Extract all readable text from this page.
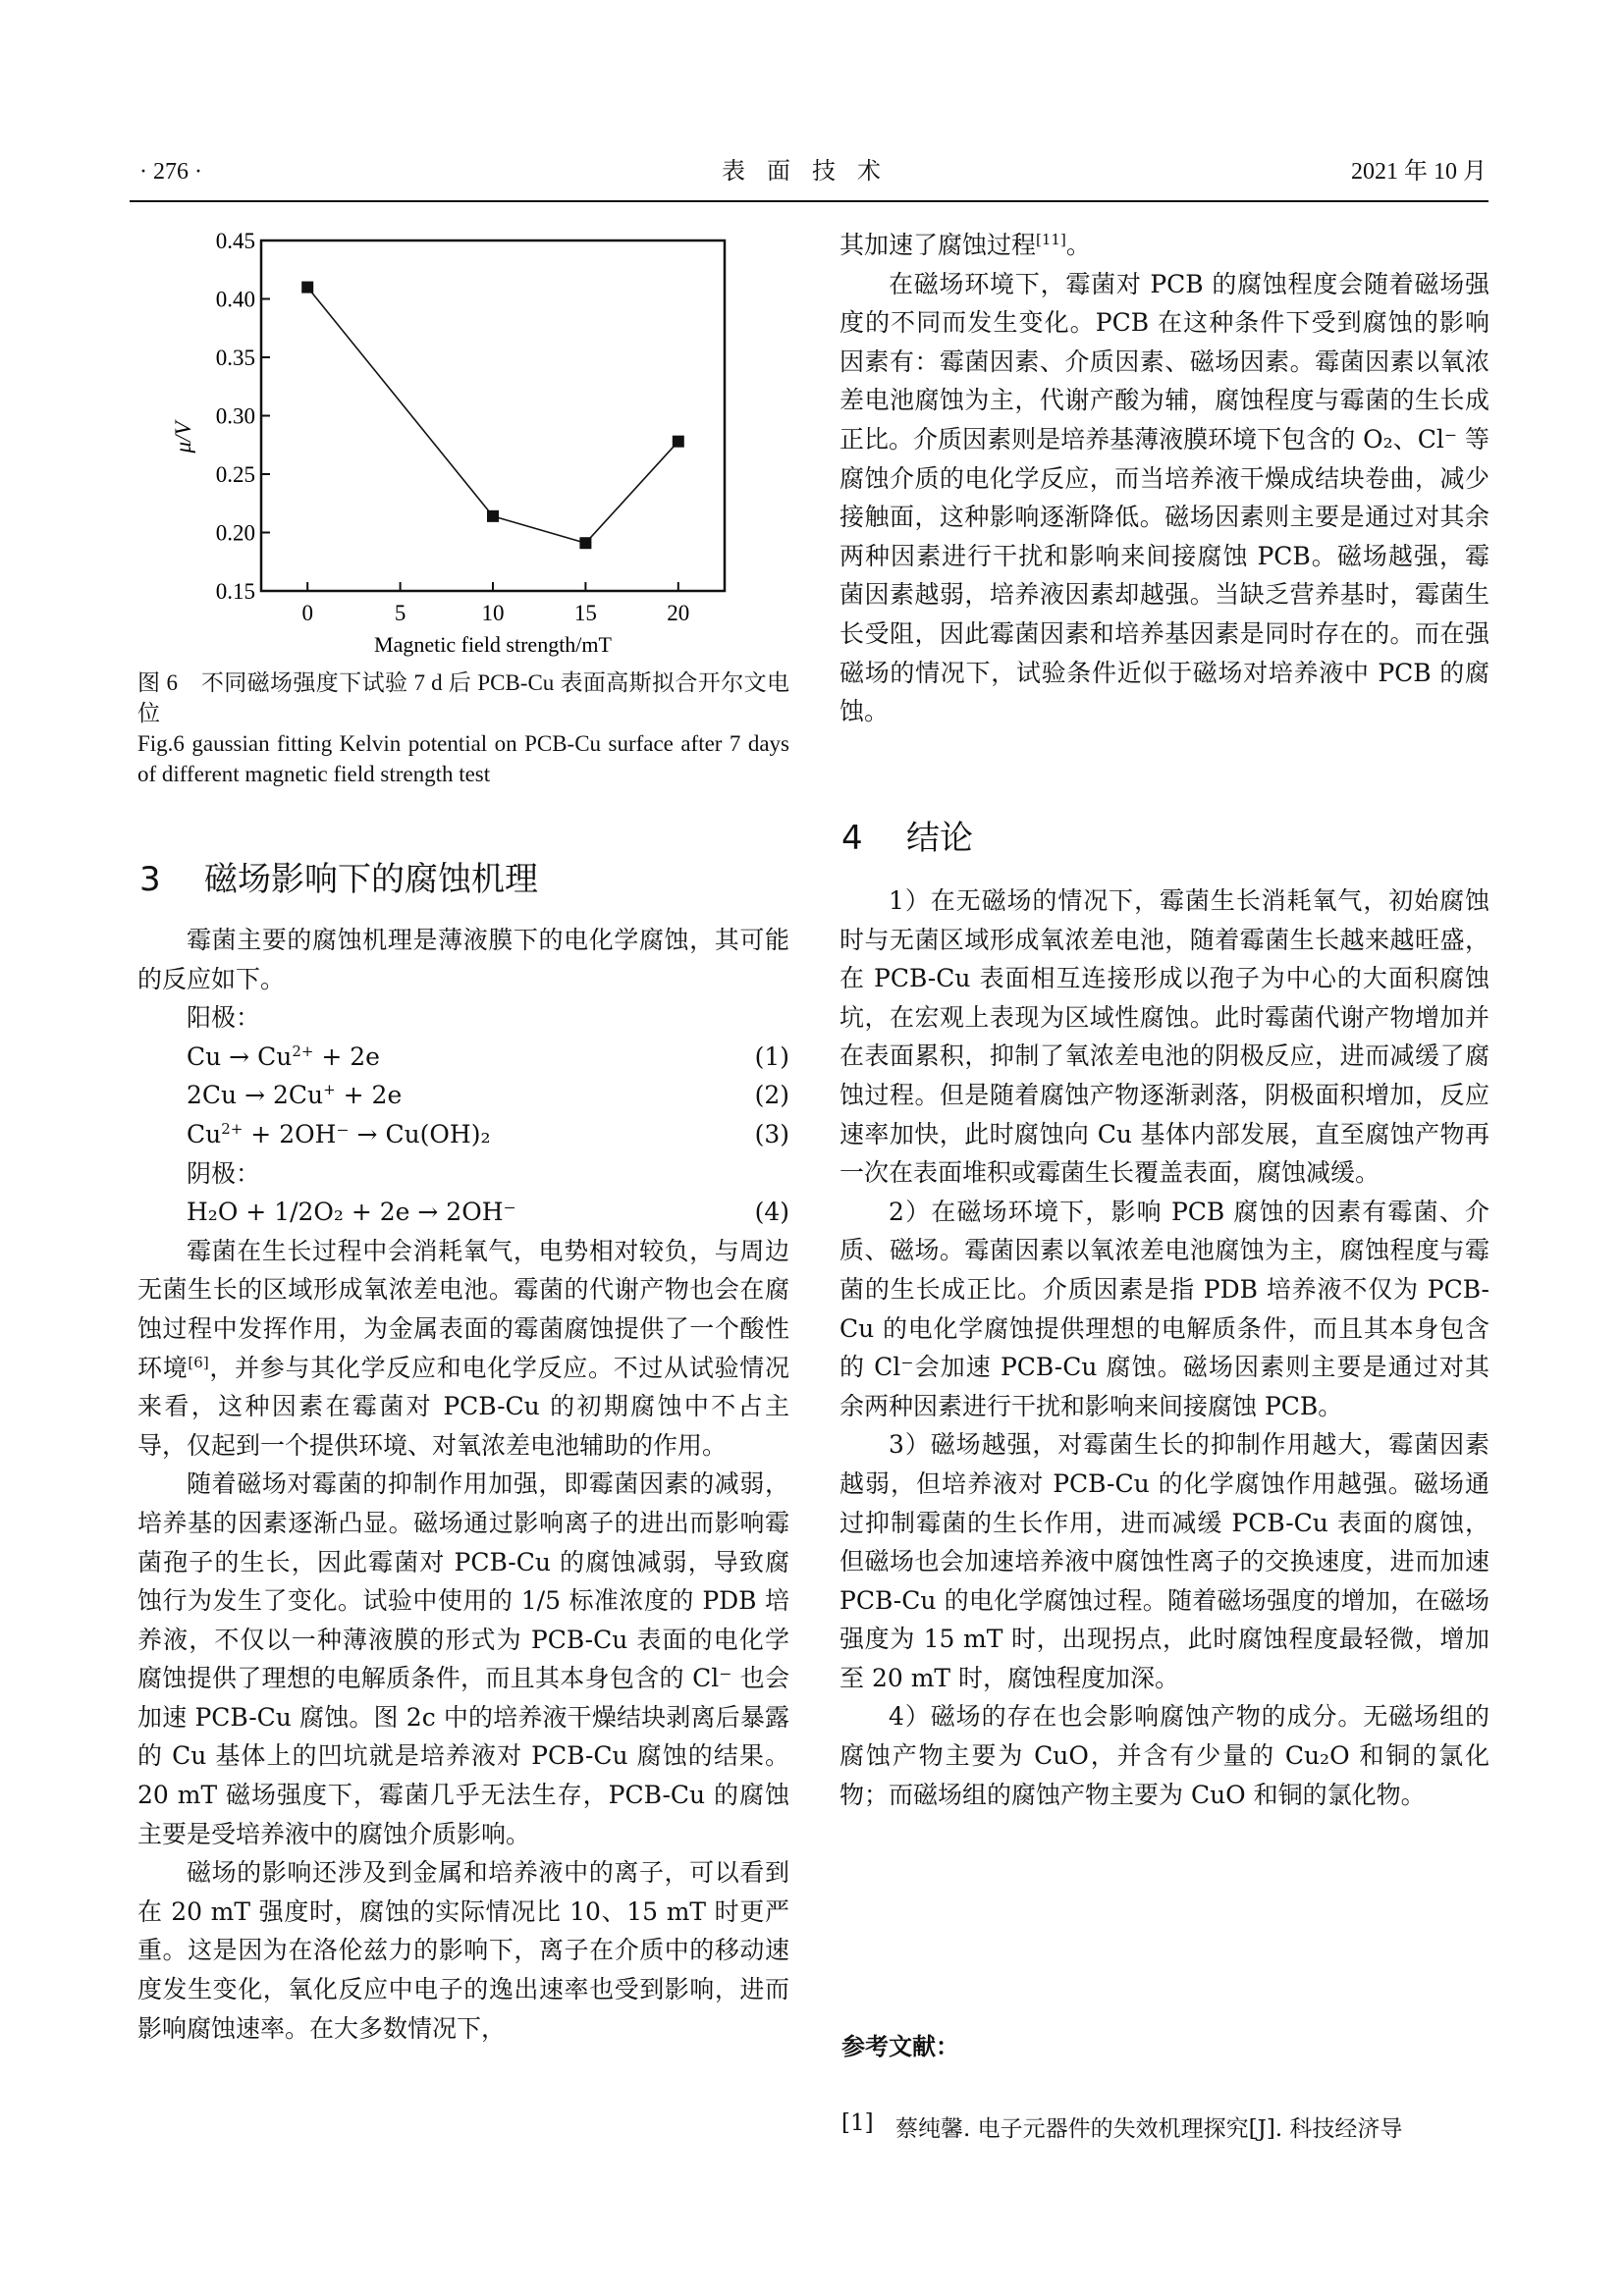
· 276 ·	表面技术	2021 年 10 月
0.15
0.20
0.25
0.30
0.35
0.40
0.45
0	5	10	15	20
Magnetic field strength/mT
μ/V

图 6　不同磁场强度下试验 7 d 后 PCB-Cu 表面高斯拟合开尔文电位

Fig.6 gaussian fitting Kelvin potential on PCB-Cu surface after 7 days of different magnetic field strength test

3 磁场影响下的腐蚀机理

霉菌主要的腐蚀机理是薄液膜下的电化学腐蚀，其可能的反应如下。

阳极：

$Cu \to Cu^{2+} + 2e$	(1)
2Cu → 2Cu+ + 2e	(2)
$Cu^{2+} + 2OH^- \to Cu(OH)_2$	(3)

阴极：

H₂O + 1/2O₂ + 2e → 2OH⁻	(4)

霉菌在生长过程中会消耗氧气，电势相对较负，与周边无菌生长的区域形成氧浓差电池。霉菌的代谢产物也会在腐蚀过程中发挥作用，为金属表面的霉菌腐蚀提供了一个酸性环境[6]，并参与其化学反应和电化学反应。不过从试验情况来看，这种因素在霉菌对 PCB-Cu 的初期腐蚀中不占主导，仅起到一个提供环境、对氧浓差电池辅助的作用。

随着磁场对霉菌的抑制作用加强，即霉菌因素的减弱，培养基的因素逐渐凸显。磁场通过影响离子的进出而影响霉菌孢子的生长，因此霉菌对 PCB-Cu 的腐蚀减弱，导致腐蚀行为发生了变化。试验中使用的 1/5 标准浓度的 PDB 培养液，不仅以一种薄液膜的形式为 PCB-Cu 表面的电化学腐蚀提供了理想的电解质条件，而且其本身包含的 Cl⁻ 也会加速 PCB-Cu 腐蚀。图 2c 中的培养液干燥结块剥离后暴露的 Cu 基体上的凹坑就是培养液对 PCB-Cu 腐蚀的结果。20 mT 磁场强度下，霉菌几乎无法生存，PCB-Cu 的腐蚀主要是受培养液中的腐蚀介质影响。

磁场的影响还涉及到金属和培养液中的离子，可以看到在 20 mT 强度时，腐蚀的实际情况比 10、15 mT 时更严重。这是因为在洛伦兹力的影响下，离子在介质中的移动速度发生变化，氧化反应中电子的逸出速率也受到影响，进而影响腐蚀速率。在大多数情况下，

其加速了腐蚀过程[11]。

在磁场环境下，霉菌对 PCB 的腐蚀程度会随着磁场强度的不同而发生变化。PCB 在这种条件下受到腐蚀的影响因素有：霉菌因素、介质因素、磁场因素。霉菌因素以氧浓差电池腐蚀为主，代谢产酸为辅，腐蚀程度与霉菌的生长成正比。介质因素则是培养基薄液膜环境下包含的 O₂、Cl⁻ 等腐蚀介质的电化学反应，而当培养液干燥成结块卷曲，减少接触面，这种影响逐渐降低。磁场因素则主要是通过对其余两种因素进行干扰和影响来间接腐蚀 PCB。磁场越强，霉菌因素越弱，培养液因素却越强。当缺乏营养基时，霉菌生长受阻，因此霉菌因素和培养基因素是同时存在的。而在强磁场的情况下，试验条件近似于磁场对培养液中 PCB 的腐蚀。

4 结论

1）在无磁场的情况下，霉菌生长消耗氧气，初始腐蚀时与无菌区域形成氧浓差电池，随着霉菌生长越来越旺盛，在 PCB-Cu 表面相互连接形成以孢子为中心的大面积腐蚀坑，在宏观上表现为区域性腐蚀。此时霉菌代谢产物增加并在表面累积，抑制了氧浓差电池的阴极反应，进而减缓了腐蚀过程。但是随着腐蚀产物逐渐剥落，阴极面积增加，反应速率加快，此时腐蚀向 Cu 基体内部发展，直至腐蚀产物再一次在表面堆积或霉菌生长覆盖表面，腐蚀减缓。

2）在磁场环境下，影响 PCB 腐蚀的因素有霉菌、介质、磁场。霉菌因素以氧浓差电池腐蚀为主，腐蚀程度与霉菌的生长成正比。介质因素是指 PDB 培养液不仅为 PCB-Cu 的电化学腐蚀提供理想的电解质条件，而且其本身包含的 Cl⁻会加速 PCB-Cu 腐蚀。磁场因素则主要是通过对其余两种因素进行干扰和影响来间接腐蚀 PCB。

3）磁场越强，对霉菌生长的抑制作用越大，霉菌因素越弱，但培养液对 PCB-Cu 的化学腐蚀作用越强。磁场通过抑制霉菌的生长作用，进而减缓 PCB-Cu 表面的腐蚀，但磁场也会加速培养液中腐蚀性离子的交换速度，进而加速 PCB-Cu 的电化学腐蚀过程。随着磁场强度的增加，在磁场强度为 15 mT 时，出现拐点，此时腐蚀程度最轻微，增加至 20 mT 时，腐蚀程度加深。

4）磁场的存在也会影响腐蚀产物的成分。无磁场组的腐蚀产物主要为 CuO，并含有少量的 Cu₂O 和铜的氯化物；而磁场组的腐蚀产物主要为 CuO 和铜的氯化物。

参考文献：
[1] 蔡纯馨. 电子元器件的失效机理探究[J]. 科技经济导
